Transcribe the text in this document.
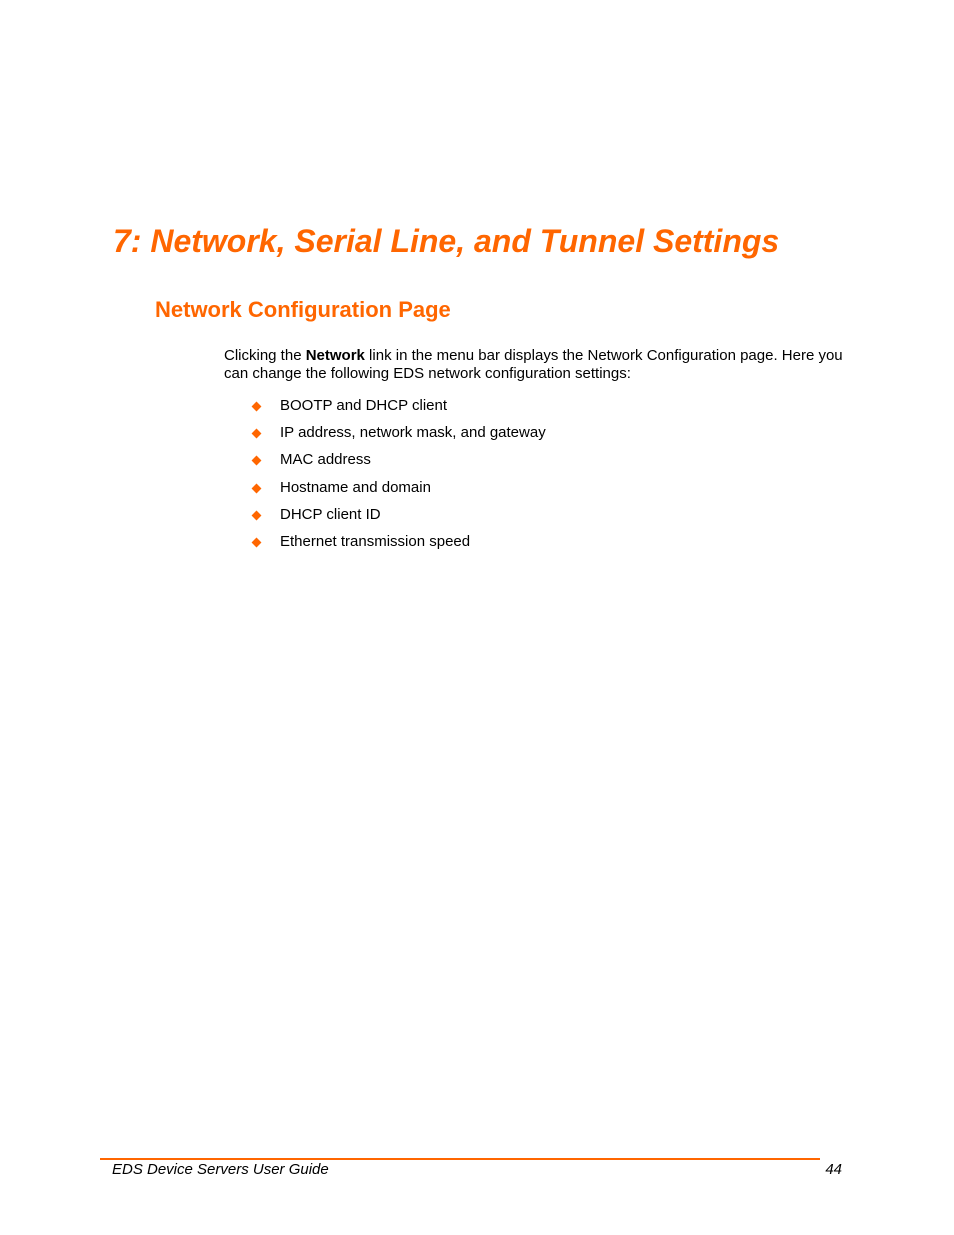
7: Network, Serial Line, and Tunnel Settings
Network Configuration Page

Clicking the Network link in the menu bar displays the Network Configuration page. Here you can change the following EDS network configuration settings:

BOOTP and DHCP client
IP address, network mask, and gateway
MAC address
Hostname and domain
DHCP client ID
Ethernet transmission speed
EDS Device Servers User Guide	44
